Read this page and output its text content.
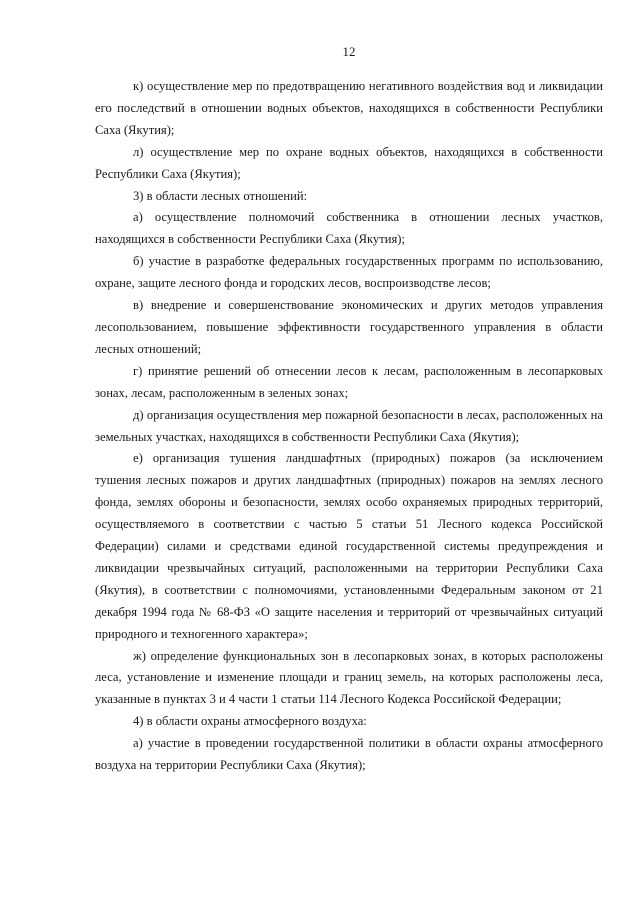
12

к) осуществление мер по предотвращению негативного воздействия вод и ликвидации его последствий в отношении водных объектов, находящихся в собственности Республики Саха (Якутия);

л) осуществление мер по охране водных объектов, находящихся в собственности Республики Саха (Якутия);

3) в области лесных отношений:

а) осуществление полномочий собственника в отношении лесных участков, находящихся в собственности Республики Саха (Якутия);

б) участие в разработке федеральных государственных программ по использованию, охране, защите лесного фонда и городских лесов, воспроизводстве лесов;

в) внедрение и совершенствование экономических и других методов управления лесопользованием, повышение эффективности государственного управления в области лесных отношений;

г) принятие решений об отнесении лесов к лесам, расположенным в лесопарковых зонах, лесам, расположенным в зеленых зонах;

д) организация осуществления мер пожарной безопасности в лесах, расположенных на земельных участках, находящихся в собственности Республики Саха (Якутия);

е) организация тушения ландшафтных (природных) пожаров (за исключением тушения лесных пожаров и других ландшафтных (природных) пожаров на землях лесного фонда, землях обороны и безопасности, землях особо охраняемых природных территорий, осуществляемого в соответствии с частью 5 статьи 51 Лесного кодекса Российской Федерации) силами и средствами единой государственной системы предупреждения и ликвидации чрезвычайных ситуаций, расположенными на территории Республики Саха (Якутия), в соответствии с полномочиями, установленными Федеральным законом от 21 декабря 1994 года № 68-ФЗ «О защите населения и территорий от чрезвычайных ситуаций природного и техногенного характера»;

ж) определение функциональных зон в лесопарковых зонах, в которых расположены леса, установление и изменение площади и границ земель, на которых расположены леса, указанные в пунктах 3 и 4 части 1 статьи 114 Лесного Кодекса Российской Федерации;

4) в области охраны атмосферного воздуха:

а) участие в проведении государственной политики в области охраны атмосферного воздуха на территории Республики Саха (Якутия);
